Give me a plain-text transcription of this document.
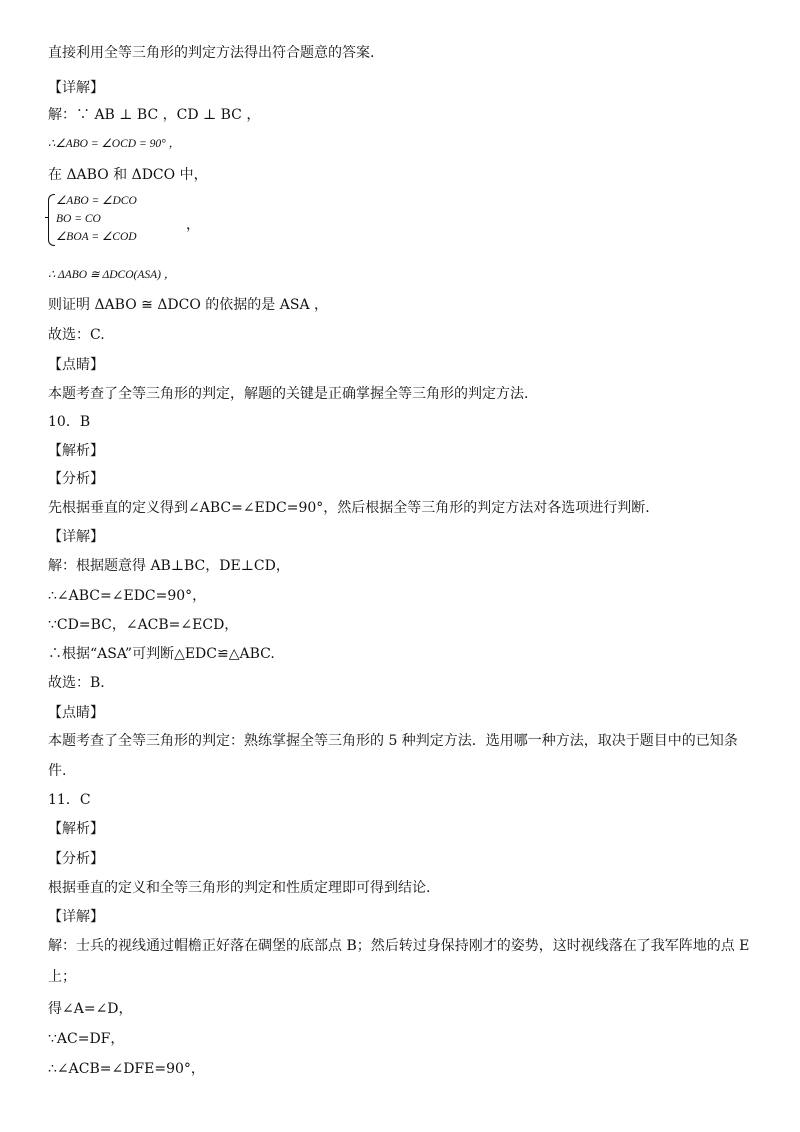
直接利用全等三角形的判定方法得出符合题意的答案.

【详解】

解：∵ AB ⊥ BC ，CD ⊥ BC ，

∴∠ABO = ∠OCD = 90° ，

在 ΔABO 和 ΔDCO 中，

∠ABO = ∠DCO
BO = CO
∠BOA = ∠COD
，

∴ ΔABO ≅ ΔDCO(ASA) ，

则证明 ΔABO ≅ ΔDCO 的依据的是 ASA ，

故选：C.

【点睛】

本题考查了全等三角形的判定，解题的关键是正确掌握全等三角形的判定方法.

10．B

【解析】

【分析】

先根据垂直的定义得到∠ABC=∠EDC=90°，然后根据全等三角形的判定方法对各选项进行判断.

【详解】

解：根据题意得 AB⊥BC，DE⊥CD，

∴∠ABC=∠EDC=90°，

∵CD=BC，∠ACB=∠ECD，

∴根据“ASA”可判断△EDC≌△ABC.

故选：B.

【点睛】

本题考查了全等三角形的判定：熟练掌握全等三角形的 5 种判定方法．选用哪一种方法，取决于题目中的已知条

件.

11．C

【解析】

【分析】

根据垂直的定义和全等三角形的判定和性质定理即可得到结论.

【详解】

解：士兵的视线通过帽檐正好落在碉堡的底部点 B；然后转过身保持刚才的姿势，这时视线落在了我军阵地的点 E

上；

得∠A=∠D，

∵AC=DF，

∴∠ACB=∠DFE=90°，
